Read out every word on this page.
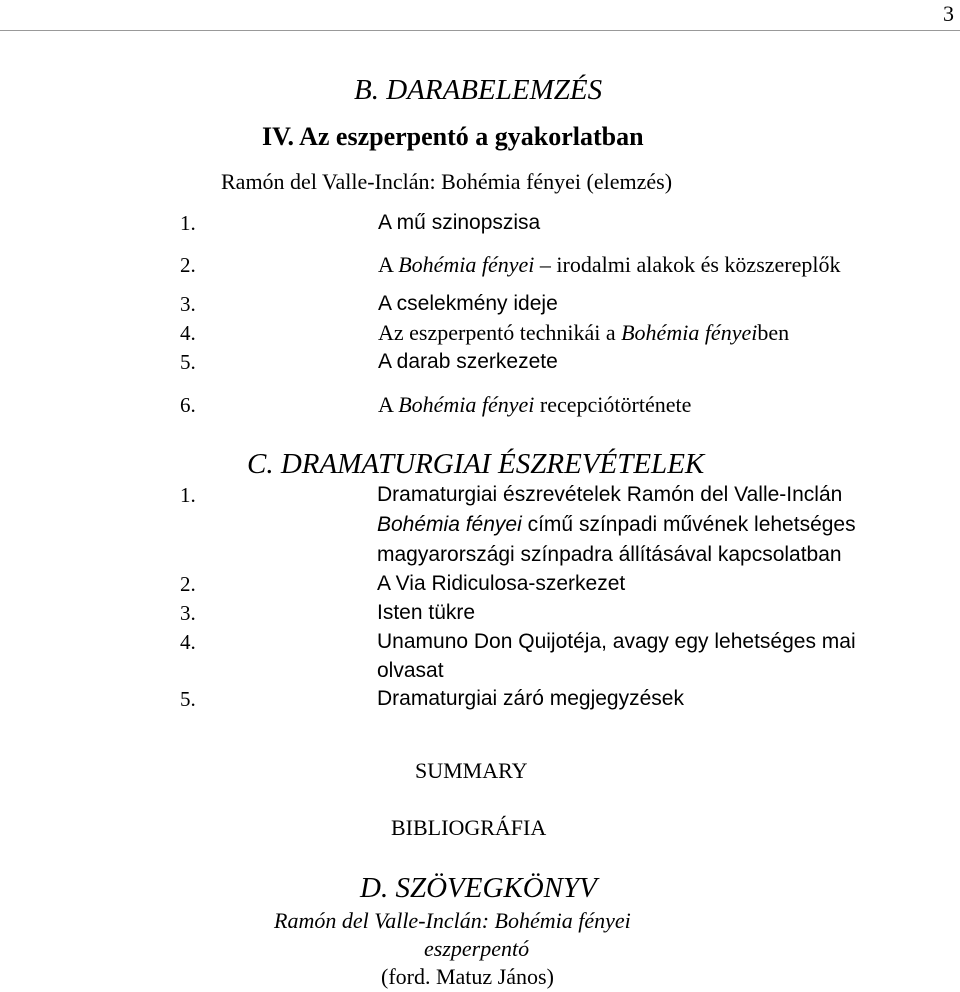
3
B. DARABELEMZÉS
IV. Az eszperpentó a gyakorlatban
Ramón del Valle-Inclán: Bohémia fényei (elemzés)
1.	A mű szinopszisa
2.	A Bohémia fényei – irodalmi alakok és közszereplők
3.	A cselekmény ideje
4.	Az eszperpentó technikái a Bohémia fényeiben
5.	A darab szerkezete
6.	A Bohémia fényei recepciótörténete
C. DRAMATURGIAI ÉSZREVÉTELEK
1.	Dramaturgiai észrevételek Ramón del Valle-Inclán
Bohémia fényei című színpadi művének lehetséges
magyarországi színpadra állításával kapcsolatban
2.	A Via Ridiculosa-szerkezet
3.	Isten tükre
4.	Unamuno Don Quijotéja, avagy egy lehetséges mai
olvasat
5.	Dramaturgiai záró megjegyzések
SUMMARY
BIBLIOGRÁFIA
D. SZÖVEGKÖNYV
Ramón del Valle-Inclán: Bohémia fényei
eszperpentó
(ford. Matuz János)
